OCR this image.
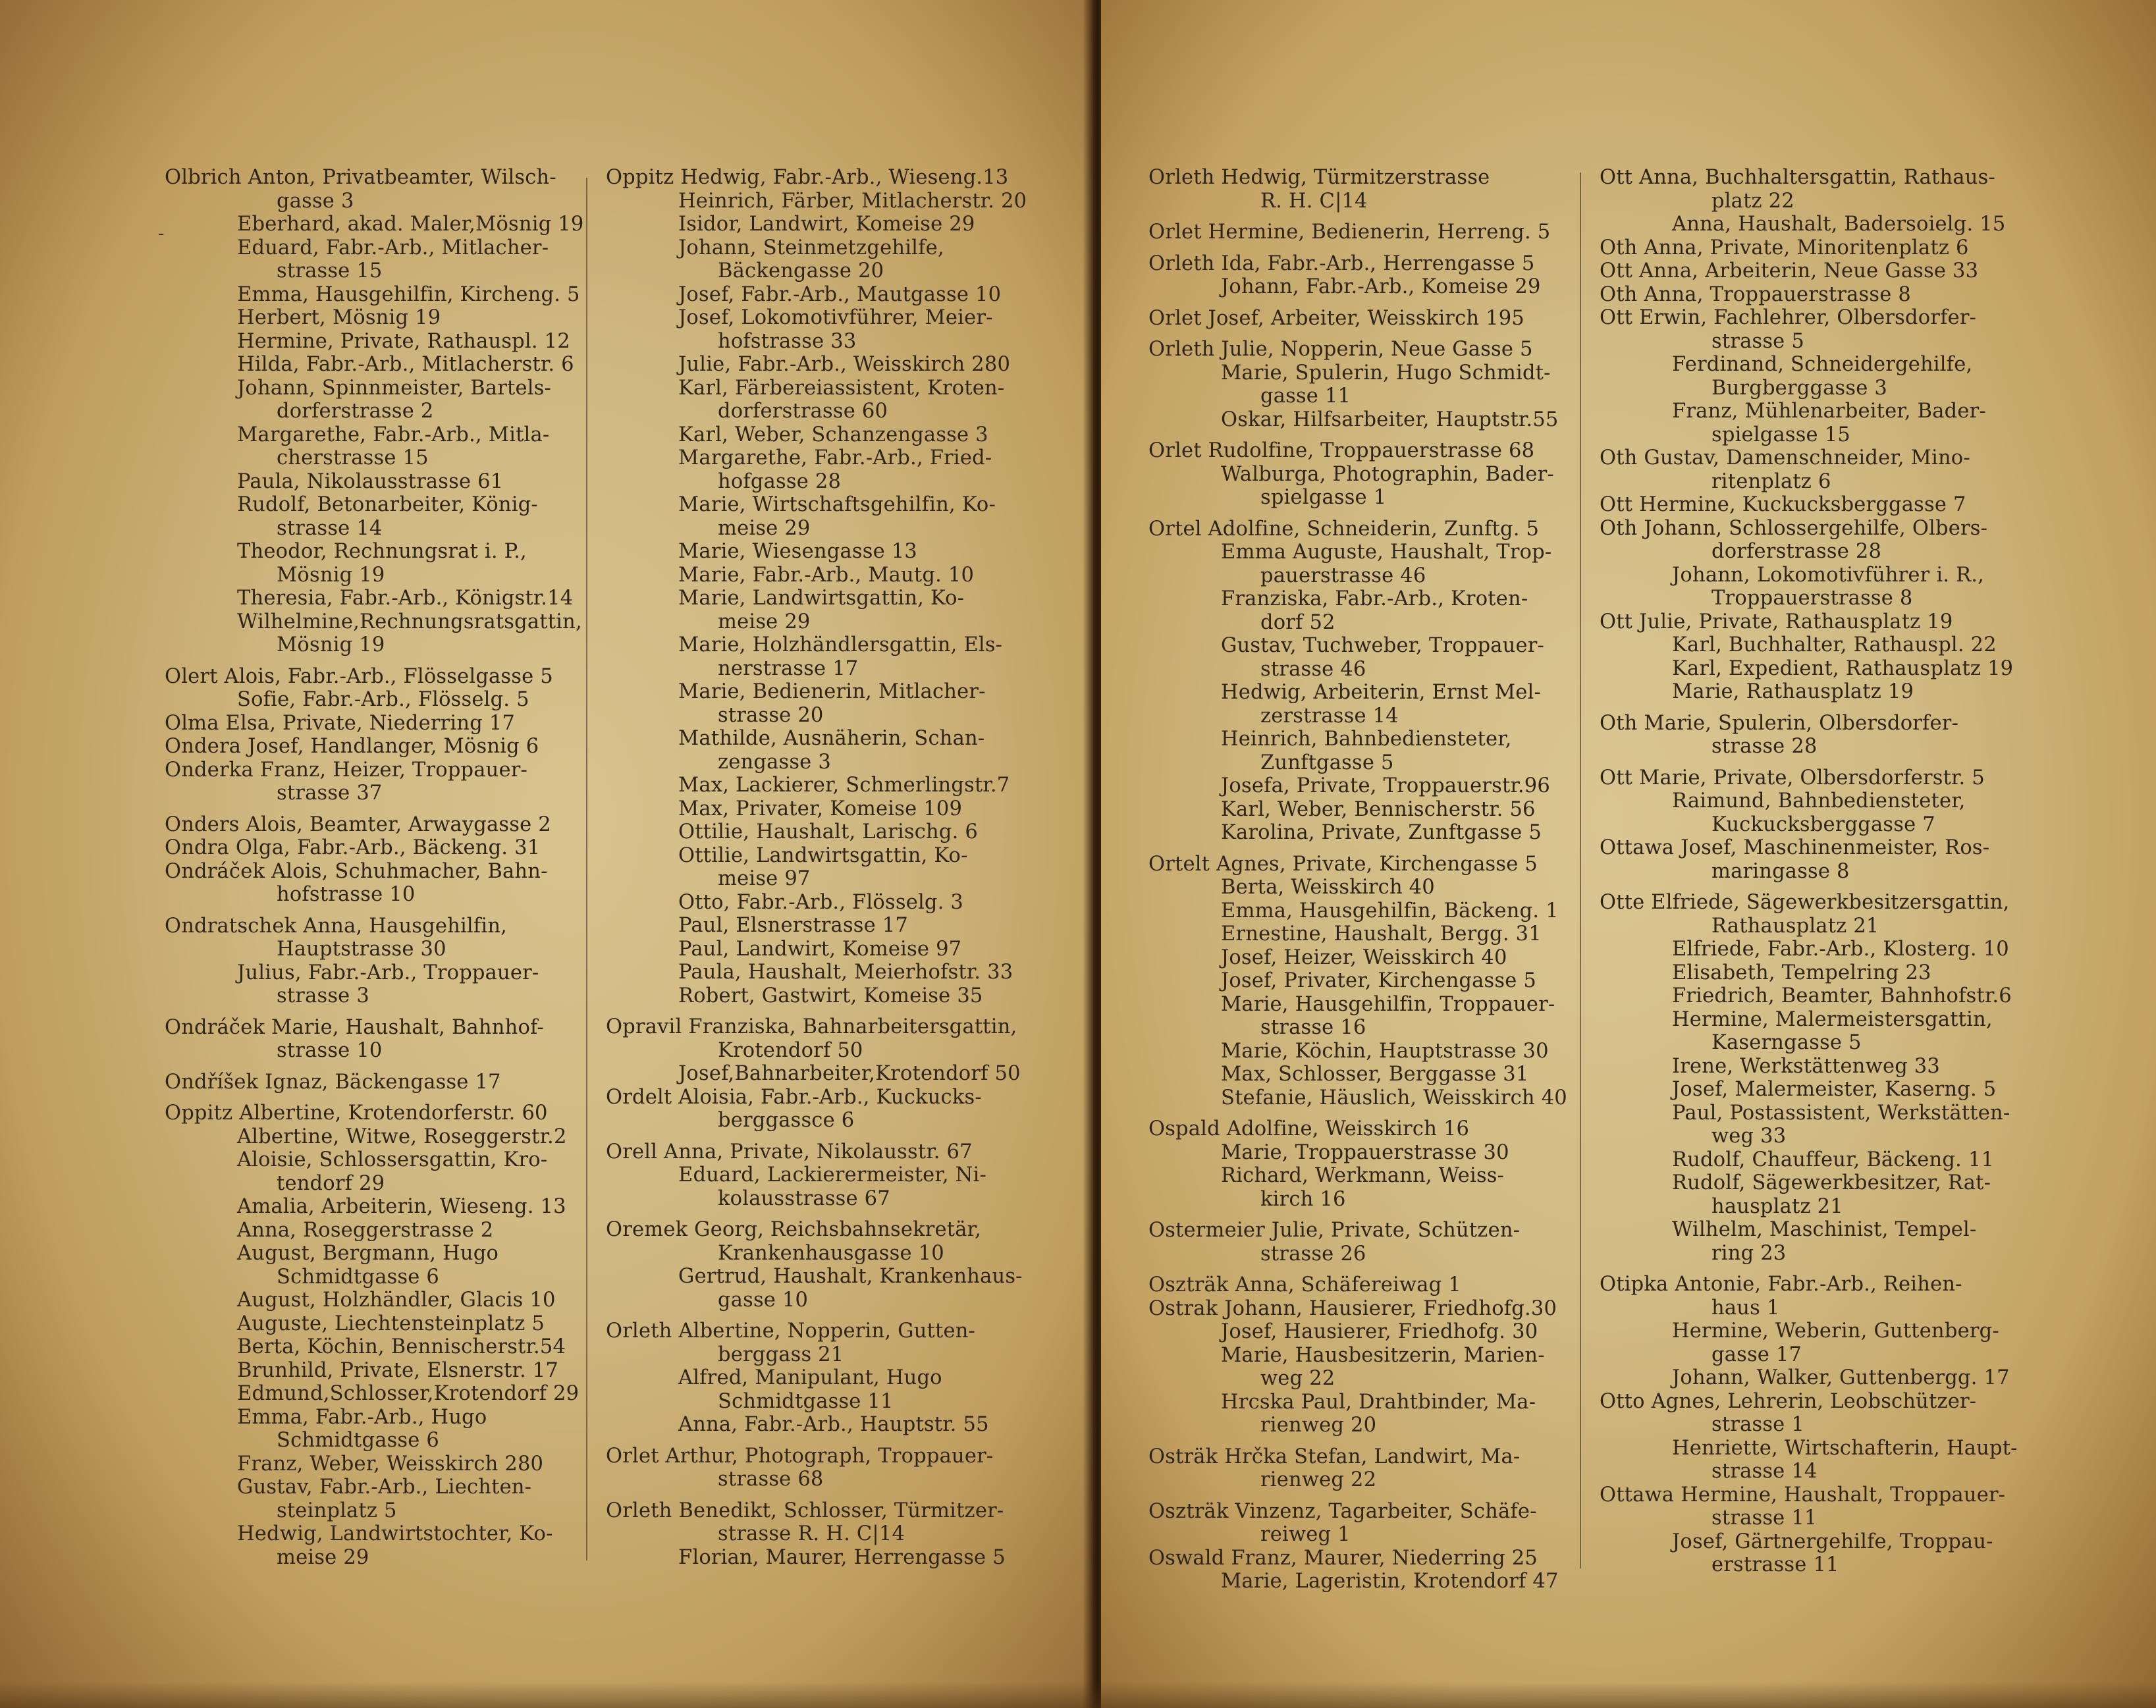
Olbrich Anton, Privatbeamter, Wilsch-
gasse 3
Eberhard, akad. Maler,Mösnig 19
Eduard, Fabr.-Arb., Mitlacher-
strasse 15
Emma, Hausgehilfin, Kircheng. 5
Herbert, Mösnig 19
Hermine, Private, Rathauspl. 12
Hilda, Fabr.-Arb., Mitlacherstr. 6
Johann, Spinnmeister, Bartels-
dorferstrasse 2
Margarethe, Fabr.-Arb., Mitla-
cherstrasse 15
Paula, Nikolausstrasse 61
Rudolf, Betonarbeiter, König-
strasse 14
Theodor, Rechnungsrat i. P.,
Mösnig 19
Theresia, Fabr.-Arb., Königstr.14
Wilhelmine,Rechnungsratsgattin,
Mösnig 19
Olert Alois, Fabr.-Arb., Flösselgasse 5
Sofie, Fabr.-Arb., Flösselg. 5
Olma Elsa, Private, Niederring 17
Ondera Josef, Handlanger, Mösnig 6
Onderka Franz, Heizer, Troppauer-
strasse 37
Onders Alois, Beamter, Arwaygasse 2
Ondra Olga, Fabr.-Arb., Bäckeng. 31
Ondráček Alois, Schuhmacher, Bahn-
hofstrasse 10
Ondratschek Anna, Hausgehilfin,
Hauptstrasse 30
Julius, Fabr.-Arb., Troppauer-
strasse 3
Ondráček Marie, Haushalt, Bahnhof-
strasse 10
Ondříšek Ignaz, Bäckengasse 17
Oppitz Albertine, Krotendorferstr. 60
Albertine, Witwe, Roseggerstr.2
Aloisie, Schlossersgattin, Kro-
tendorf 29
Amalia, Arbeiterin, Wieseng. 13
Anna, Roseggerstrasse 2
August, Bergmann, Hugo
Schmidtgasse 6
August, Holzhändler, Glacis 10
Auguste, Liechtensteinplatz 5
Berta, Köchin, Bennischerstr.54
Brunhild, Private, Elsnerstr. 17
Edmund,Schlosser,Krotendorf 29
Emma, Fabr.-Arb., Hugo
Schmidtgasse 6
Franz, Weber, Weisskirch 280
Gustav, Fabr.-Arb., Liechten-
steinplatz 5
Hedwig, Landwirtstochter, Ko-
meise 29
Oppitz Hedwig, Fabr.-Arb., Wieseng.13
Heinrich, Färber, Mitlacherstr. 20
Isidor, Landwirt, Komeise 29
Johann, Steinmetzgehilfe,
Bäckengasse 20
Josef, Fabr.-Arb., Mautgasse 10
Josef, Lokomotivführer, Meier-
hofstrasse 33
Julie, Fabr.-Arb., Weisskirch 280
Karl, Färbereiassistent, Kroten-
dorferstrasse 60
Karl, Weber, Schanzengasse 3
Margarethe, Fabr.-Arb., Fried-
hofgasse 28
Marie, Wirtschaftsgehilfin, Ko-
meise 29
Marie, Wiesengasse 13
Marie, Fabr.-Arb., Mautg. 10
Marie, Landwirtsgattin, Ko-
meise 29
Marie, Holzhändlersgattin, Els-
nerstrasse 17
Marie, Bedienerin, Mitlacher-
strasse 20
Mathilde, Ausnäherin, Schan-
zengasse 3
Max, Lackierer, Schmerlingstr.7
Max, Privater, Komeise 109
Ottilie, Haushalt, Larischg. 6
Ottilie, Landwirtsgattin, Ko-
meise 97
Otto, Fabr.-Arb., Flösselg. 3
Paul, Elsnerstrasse 17
Paul, Landwirt, Komeise 97
Paula, Haushalt, Meierhofstr. 33
Robert, Gastwirt, Komeise 35
Opravil Franziska, Bahnarbeitersgattin,
Krotendorf 50
Josef,Bahnarbeiter,Krotendorf 50
Ordelt Aloisia, Fabr.-Arb., Kuckucks-
berggassce 6
Orell Anna, Private, Nikolausstr. 67
Eduard, Lackierermeister, Ni-
kolausstrasse 67
Oremek Georg, Reichsbahnsekretär,
Krankenhausgasse 10
Gertrud, Haushalt, Krankenhaus-
gasse 10
Orleth Albertine, Nopperin, Gutten-
berggass 21
Alfred, Manipulant, Hugo
Schmidtgasse 11
Anna, Fabr.-Arb., Hauptstr. 55
Orlet Arthur, Photograph, Troppauer-
strasse 68
Orleth Benedikt, Schlosser, Türmitzer-
strasse R. H. C|14
Florian, Maurer, Herrengasse 5
-
Orleth Hedwig, Türmitzerstrasse
R. H. C|14
Orlet Hermine, Bedienerin, Herreng. 5
Orleth Ida, Fabr.-Arb., Herrengasse 5
Johann, Fabr.-Arb., Komeise 29
Orlet Josef, Arbeiter, Weisskirch 195
Orleth Julie, Nopperin, Neue Gasse 5
Marie, Spulerin, Hugo Schmidt-
gasse 11
Oskar, Hilfsarbeiter, Hauptstr.55
Orlet Rudolfine, Troppauerstrasse 68
Walburga, Photographin, Bader-
spielgasse 1
Ortel Adolfine, Schneiderin, Zunftg. 5
Emma Auguste, Haushalt, Trop-
pauerstrasse 46
Franziska, Fabr.-Arb., Kroten-
dorf 52
Gustav, Tuchweber, Troppauer-
strasse 46
Hedwig, Arbeiterin, Ernst Mel-
zerstrasse 14
Heinrich, Bahnbediensteter,
Zunftgasse 5
Josefa, Private, Troppauerstr.96
Karl, Weber, Bennischerstr. 56
Karolina, Private, Zunftgasse 5
Ortelt Agnes, Private, Kirchengasse 5
Berta, Weisskirch 40
Emma, Hausgehilfin, Bäckeng. 1
Ernestine, Haushalt, Bergg. 31
Josef, Heizer, Weisskirch 40
Josef, Privater, Kirchengasse 5
Marie, Hausgehilfin, Troppauer-
strasse 16
Marie, Köchin, Hauptstrasse 30
Max, Schlosser, Berggasse 31
Stefanie, Häuslich, Weisskirch 40
Ospald Adolfine, Weisskirch 16
Marie, Troppauerstrasse 30
Richard, Werkmann, Weiss-
kirch 16
Ostermeier Julie, Private, Schützen-
strasse 26
Oszträk Anna, Schäfereiwag 1
Ostrak Johann, Hausierer, Friedhofg.30
Josef, Hausierer, Friedhofg. 30
Marie, Hausbesitzerin, Marien-
weg 22
Hrcska Paul, Drahtbinder, Ma-
rienweg 20
Osträk Hrčka Stefan, Landwirt, Ma-
rienweg 22
Oszträk Vinzenz, Tagarbeiter, Schäfe-
reiweg 1
Oswald Franz, Maurer, Niederring 25
Marie, Lageristin, Krotendorf 47
Ott Anna, Buchhaltersgattin, Rathaus-
platz 22
Anna, Haushalt, Badersoielg. 15
Oth Anna, Private, Minoritenplatz 6
Ott Anna, Arbeiterin, Neue Gasse 33
Oth Anna, Troppauerstrasse 8
Ott Erwin, Fachlehrer, Olbersdorfer-
strasse 5
Ferdinand, Schneidergehilfe,
Burgberggasse 3
Franz, Mühlenarbeiter, Bader-
spielgasse 15
Oth Gustav, Damenschneider, Mino-
ritenplatz 6
Ott Hermine, Kuckucksberggasse 7
Oth Johann, Schlossergehilfe, Olbers-
dorferstrasse 28
Johann, Lokomotivführer i. R.,
Troppauerstrasse 8
Ott Julie, Private, Rathausplatz 19
Karl, Buchhalter, Rathauspl. 22
Karl, Expedient, Rathausplatz 19
Marie, Rathausplatz 19
Oth Marie, Spulerin, Olbersdorfer-
strasse 28
Ott Marie, Private, Olbersdorferstr. 5
Raimund, Bahnbediensteter,
Kuckucksberggasse 7
Ottawa Josef, Maschinenmeister, Ros-
maringasse 8
Otte Elfriede, Sägewerkbesitzersgattin,
Rathausplatz 21
Elfriede, Fabr.-Arb., Klosterg. 10
Elisabeth, Tempelring 23
Friedrich, Beamter, Bahnhofstr.6
Hermine, Malermeistersgattin,
Kaserngasse 5
Irene, Werkstättenweg 33
Josef, Malermeister, Kaserng. 5
Paul, Postassistent, Werkstätten-
weg 33
Rudolf, Chauffeur, Bäckeng. 11
Rudolf, Sägewerkbesitzer, Rat-
hausplatz 21
Wilhelm, Maschinist, Tempel-
ring 23
Otipka Antonie, Fabr.-Arb., Reihen-
haus 1
Hermine, Weberin, Guttenberg-
gasse 17
Johann, Walker, Guttenbergg. 17
Otto Agnes, Lehrerin, Leobschützer-
strasse 1
Henriette, Wirtschafterin, Haupt-
strasse 14
Ottawa Hermine, Haushalt, Troppauer-
strasse 11
Josef, Gärtnergehilfe, Troppau-
erstrasse 11
